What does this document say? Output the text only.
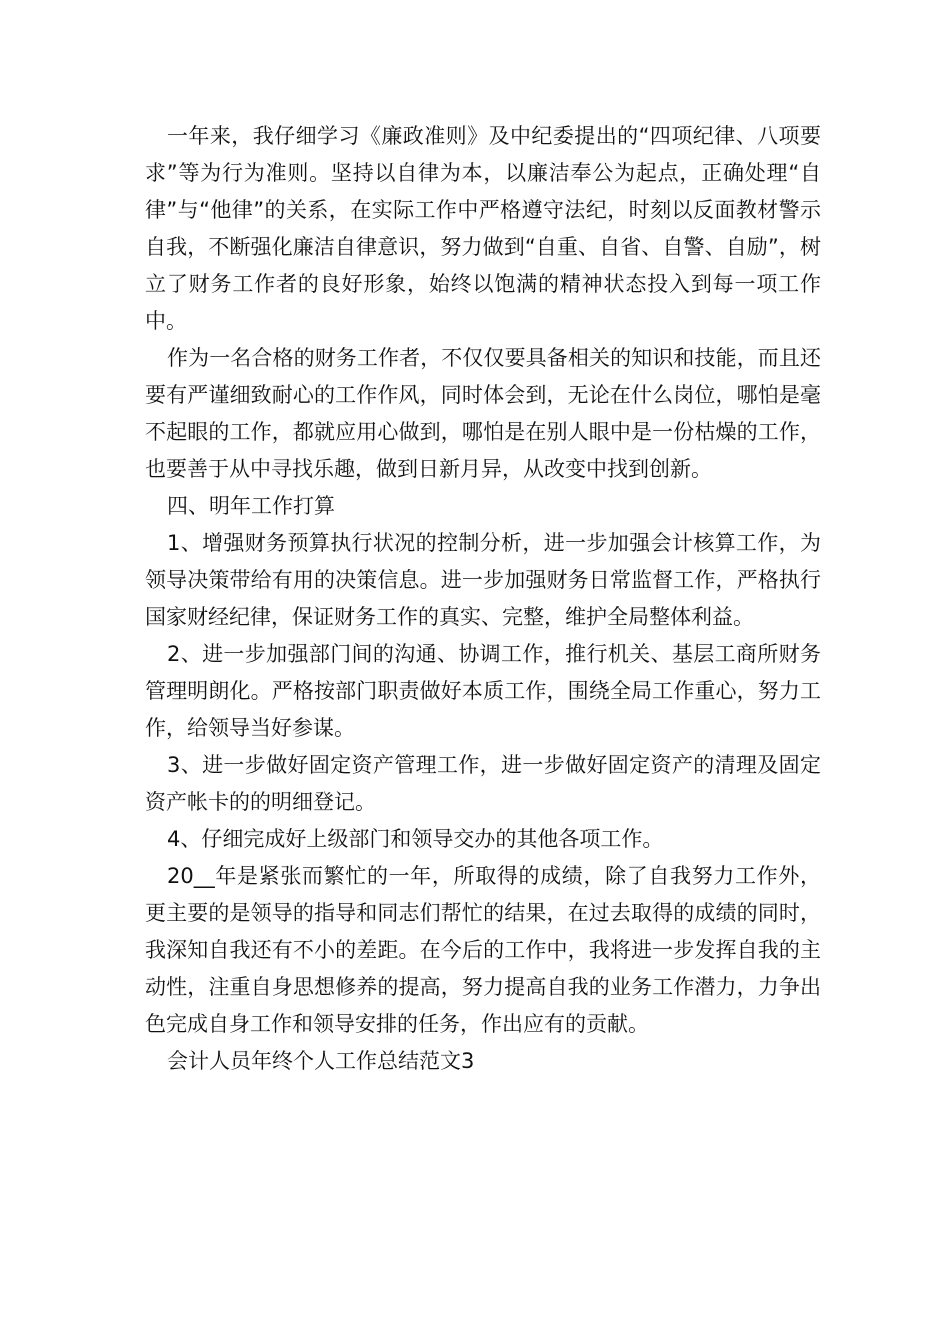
一年来，我仔细学习《廉政准则》及中纪委提出的“四项纪律、八项要求”等为行为准则。坚持以自律为本，以廉洁奉公为起点，正确处理“自律”与“他律”的关系，在实际工作中严格遵守法纪，时刻以反面教材警示自我，不断强化廉洁自律意识，努力做到“自重、自省、自警、自励”，树立了财务工作者的良好形象，始终以饱满的精神状态投入到每一项工作中。

作为一名合格的财务工作者，不仅仅要具备相关的知识和技能，而且还要有严谨细致耐心的工作作风，同时体会到，无论在什么岗位，哪怕是毫不起眼的工作，都就应用心做到，哪怕是在别人眼中是一份枯燥的工作，也要善于从中寻找乐趣，做到日新月异，从改变中找到创新。

四、明年工作打算

1、增强财务预算执行状况的控制分析，进一步加强会计核算工作，为领导决策带给有用的决策信息。进一步加强财务日常监督工作，严格执行国家财经纪律，保证财务工作的真实、完整，维护全局整体利益。

2、进一步加强部门间的沟通、协调工作，推行机关、基层工商所财务管理明朗化。严格按部门职责做好本质工作，围绕全局工作重心，努力工作，给领导当好参谋。

3、进一步做好固定资产管理工作，进一步做好固定资产的清理及固定资产帐卡的的明细登记。

4、仔细完成好上级部门和领导交办的其他各项工作。

20__年是紧张而繁忙的一年，所取得的成绩，除了自我努力工作外，更主要的是领导的指导和同志们帮忙的结果，在过去取得的成绩的同时，我深知自我还有不小的差距。在今后的工作中，我将进一步发挥自我的主动性，注重自身思想修养的提高，努力提高自我的业务工作潜力，力争出色完成自身工作和领导安排的任务，作出应有的贡献。

会计人员年终个人工作总结范文3
